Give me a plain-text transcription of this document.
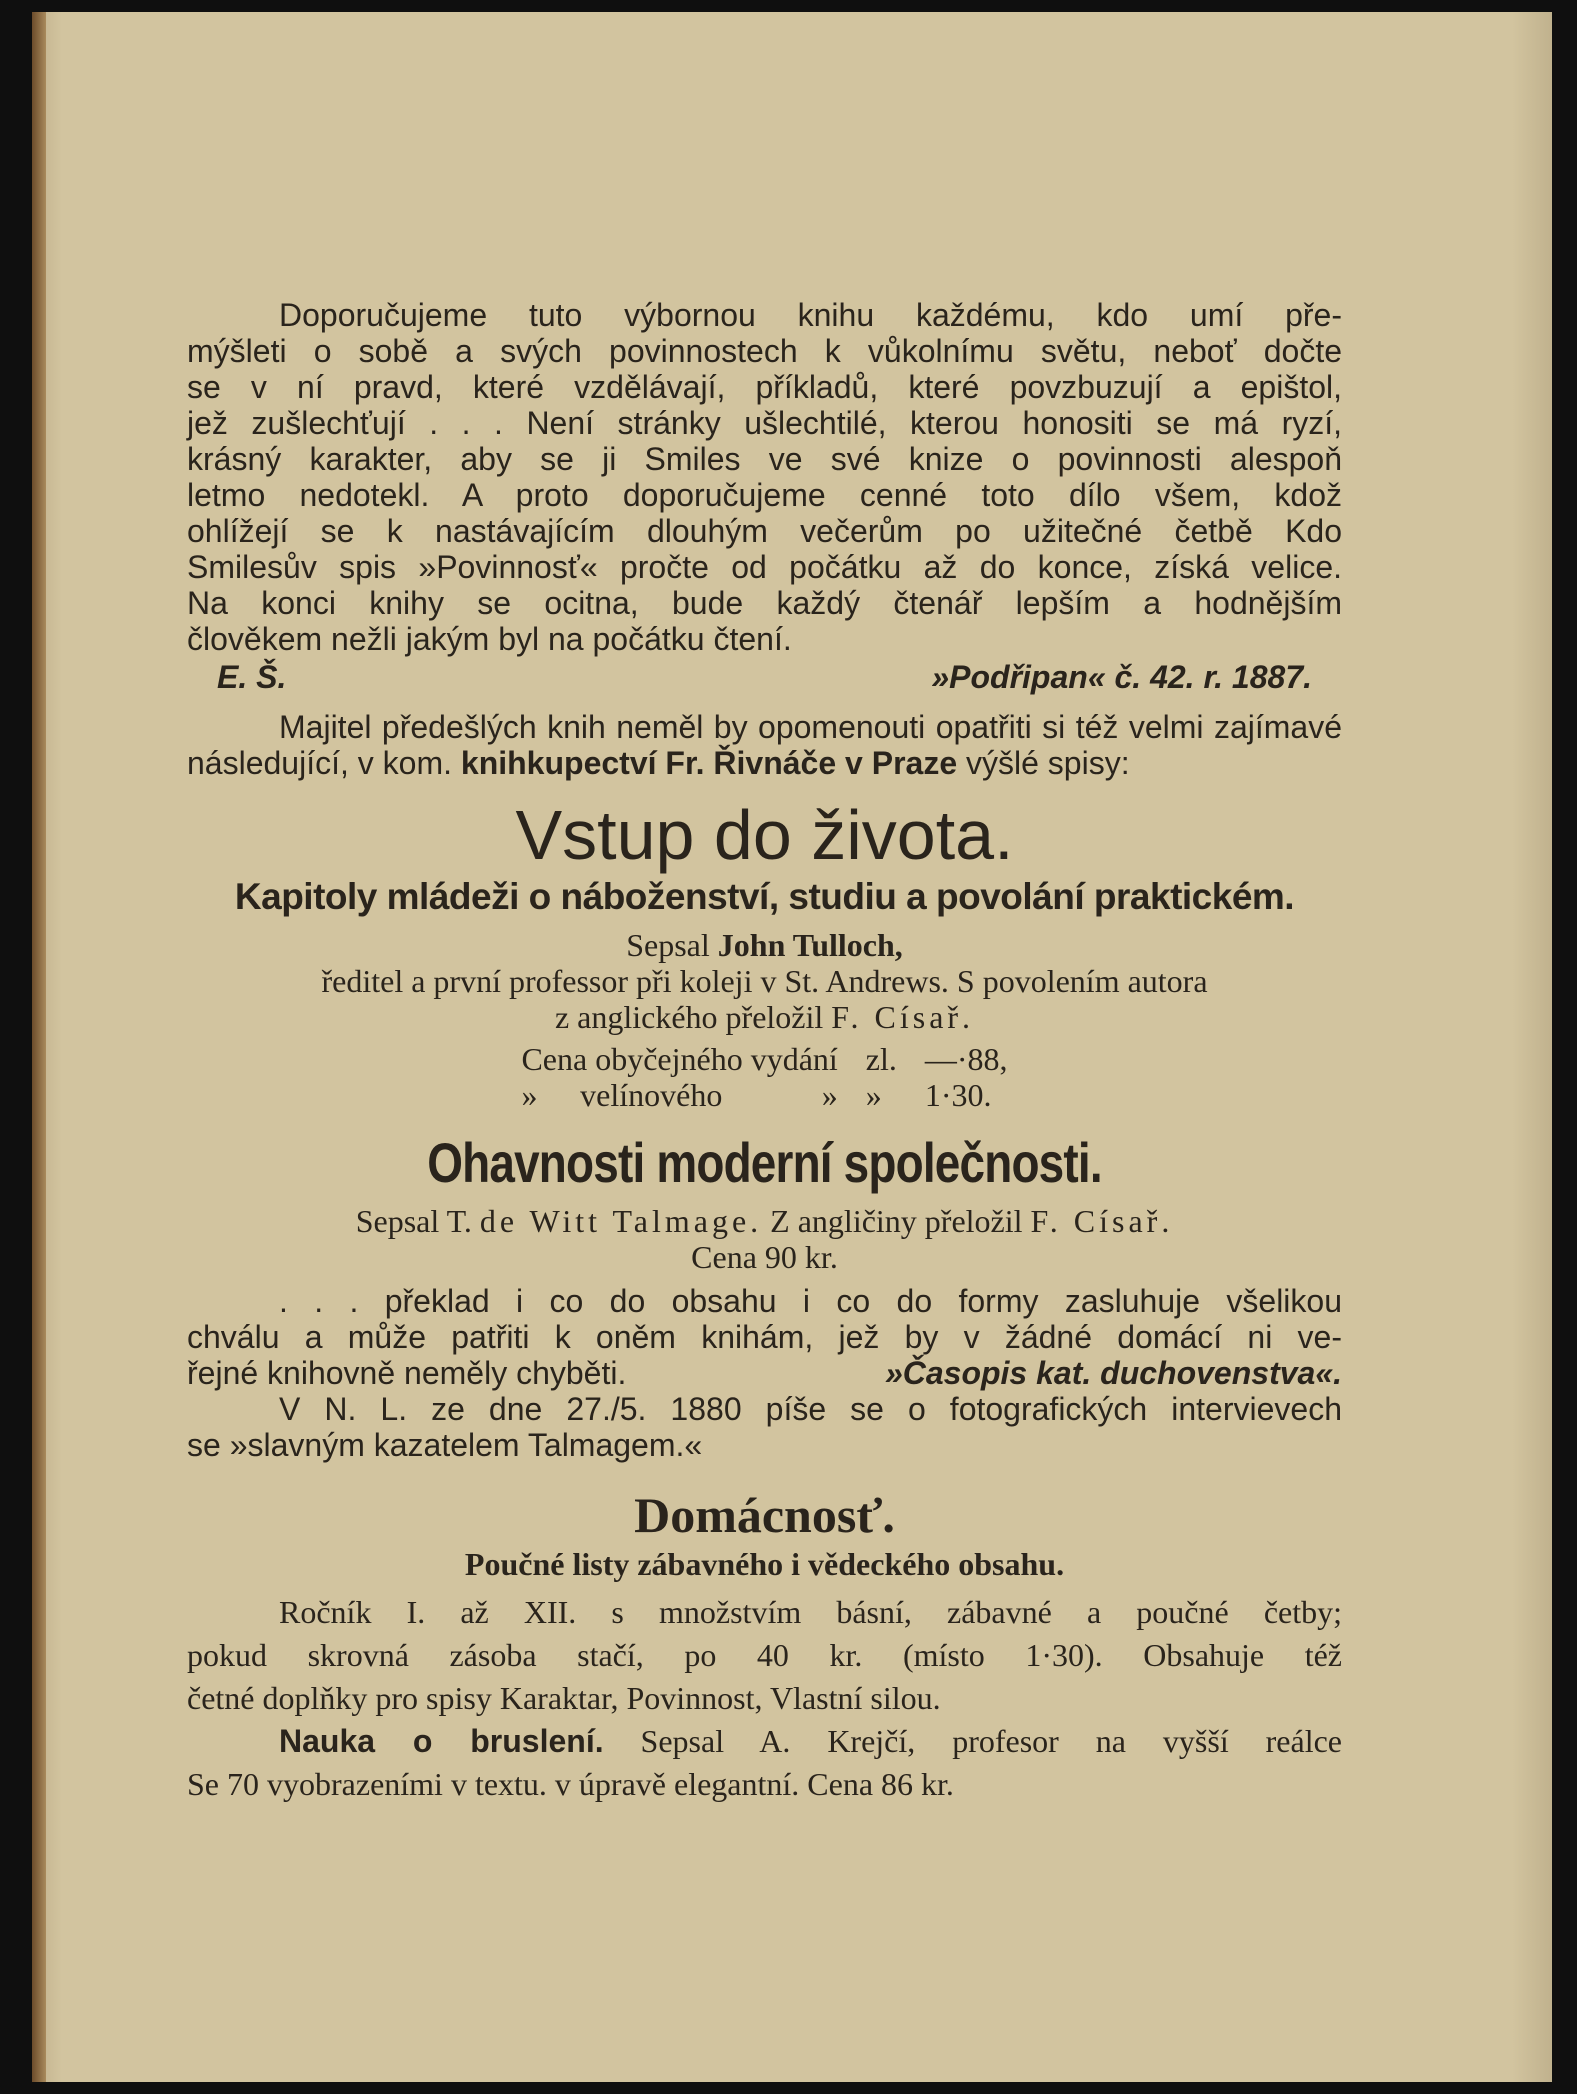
Doporučujeme tuto výbornou knihu každému, kdo umí pře-
mýšleti o sobě a svých povinnostech k vůkolnímu světu, neboť dočte
se v ní pravd, které vzdělávají, příkladů, které povzbuzují a epištol,
jež zušlechťují . . . Není stránky ušlechtilé, kterou honositi se má ryzí,
krásný karakter, aby se ji Smiles ve své knize o povinnosti alespoň
letmo nedotekl. A proto doporučujeme cenné toto dílo všem, kdož
ohlížejí se k nastávajícím dlouhým večerům po užitečné četbě Kdo
Smilesův spis »Povinnosť« pročte od počátku až do konce, získá velice.
Na konci knihy se ocitna, bude každý čtenář lepším a hodnějším
člověkem nežli jakým byl na počátku čtení.
E. Š.	»Podřipan« č. 42. r. 1887.
Majitel předešlých knih neměl by opomenouti opatřiti si též velmi zajímavé následující, v kom. knihkupectví Fr. Řivnáče v Praze výšlé spisy:
Vstup do života.
Kapitoly mládeži o náboženství, studiu a povolání praktickém.
Sepsal John Tulloch,
ředitel a první professor při koleji v St. Andrews. S povolením autora
z anglického přeložil F. Císař.
Cena obyčejného vydání			zl.	—·88,
»	velínového	»	»	1·30.
Ohavnosti moderní společnosti.
Sepsal T. de Witt Talmage. Z angličiny přeložil F. Císař.
Cena 90 kr.
. . . překlad i co do obsahu i co do formy zasluhuje všelikou
chválu a může patřiti k oněm knihám, jež by v žádné domácí ni ve-
řejné knihovně neměly chyběti.	»Časopis kat. duchovenstva«.
V N. L. ze dne 27./5. 1880 píše se o fotografických intervievech
se »slavným kazatelem Talmagem.«
Domácnosť.
Poučné listy zábavného i vědeckého obsahu.
Ročník I. až XII. s množstvím básní, zábavné a poučné četby;
pokud skrovná zásoba stačí, po 40 kr. (místo 1·30). Obsahuje též
četné doplňky pro spisy Karaktar, Povinnost, Vlastní silou.
Nauka o bruslení. Sepsal A. Krejčí, profesor na vyšší reálce
Se 70 vyobrazeními v textu. v úpravě elegantní. Cena 86 kr.
